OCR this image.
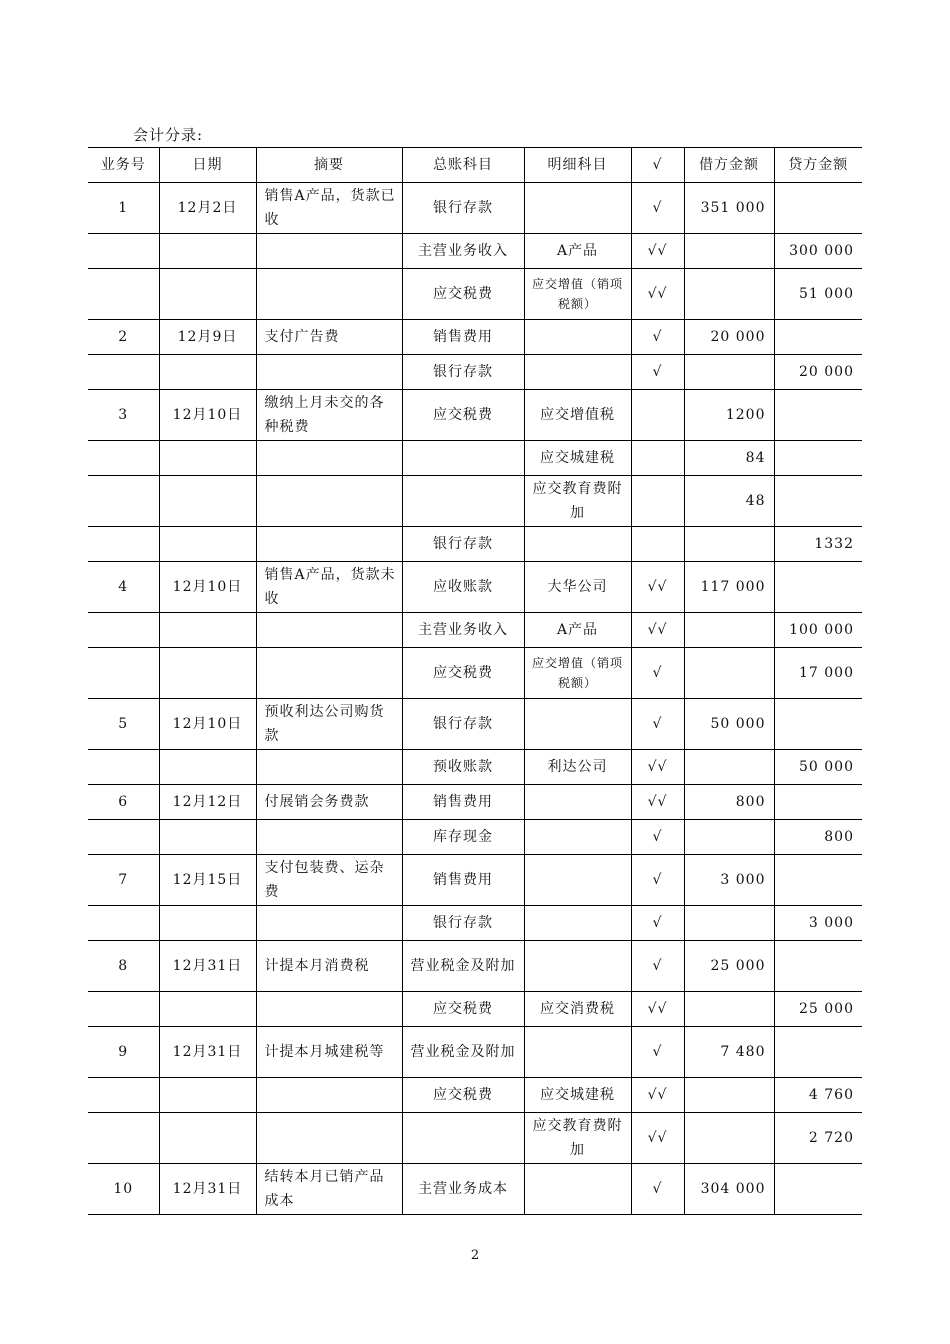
会计分录:
业务号	日期	摘要	总账科目	明细科目	√	借方金额	贷方金额
1	12月2日	销售A产品，货款已收	银行存款		√	351 000	
			主营业务收入	A产品	√√		300 000
			应交税费	应交增值（销项税额）	√√		51 000
2	12月9日	支付广告费	销售费用		√	20 000	
			银行存款		√		20 000
3	12月10日	缴纳上月未交的各种税费	应交税费	应交增值税		1200	
				应交城建税		84	
				应交教育费附加		48	
			银行存款				1332
4	12月10日	销售A产品，货款未收	应收账款	大华公司	√√	117 000	
			主营业务收入	A产品	√√		100 000
			应交税费	应交增值（销项税额）	√		17 000
5	12月10日	预收利达公司购货款	银行存款		√	50 000	
			预收账款	利达公司	√√		50 000
6	12月12日	付展销会务费款	销售费用		√√	800	
			库存现金		√		800
7	12月15日	支付包装费、运杂费	销售费用		√	3 000	
			银行存款		√		3 000
8	12月31日	计提本月消费税	营业税金及附加		√	25 000	
			应交税费	应交消费税	√√		25 000
9	12月31日	计提本月城建税等	营业税金及附加		√	7 480	
			应交税费	应交城建税	√√		4 760
				应交教育费附加	√√		2 720
10	12月31日	结转本月已销产品成本	主营业务成本		√	304 000	
2
